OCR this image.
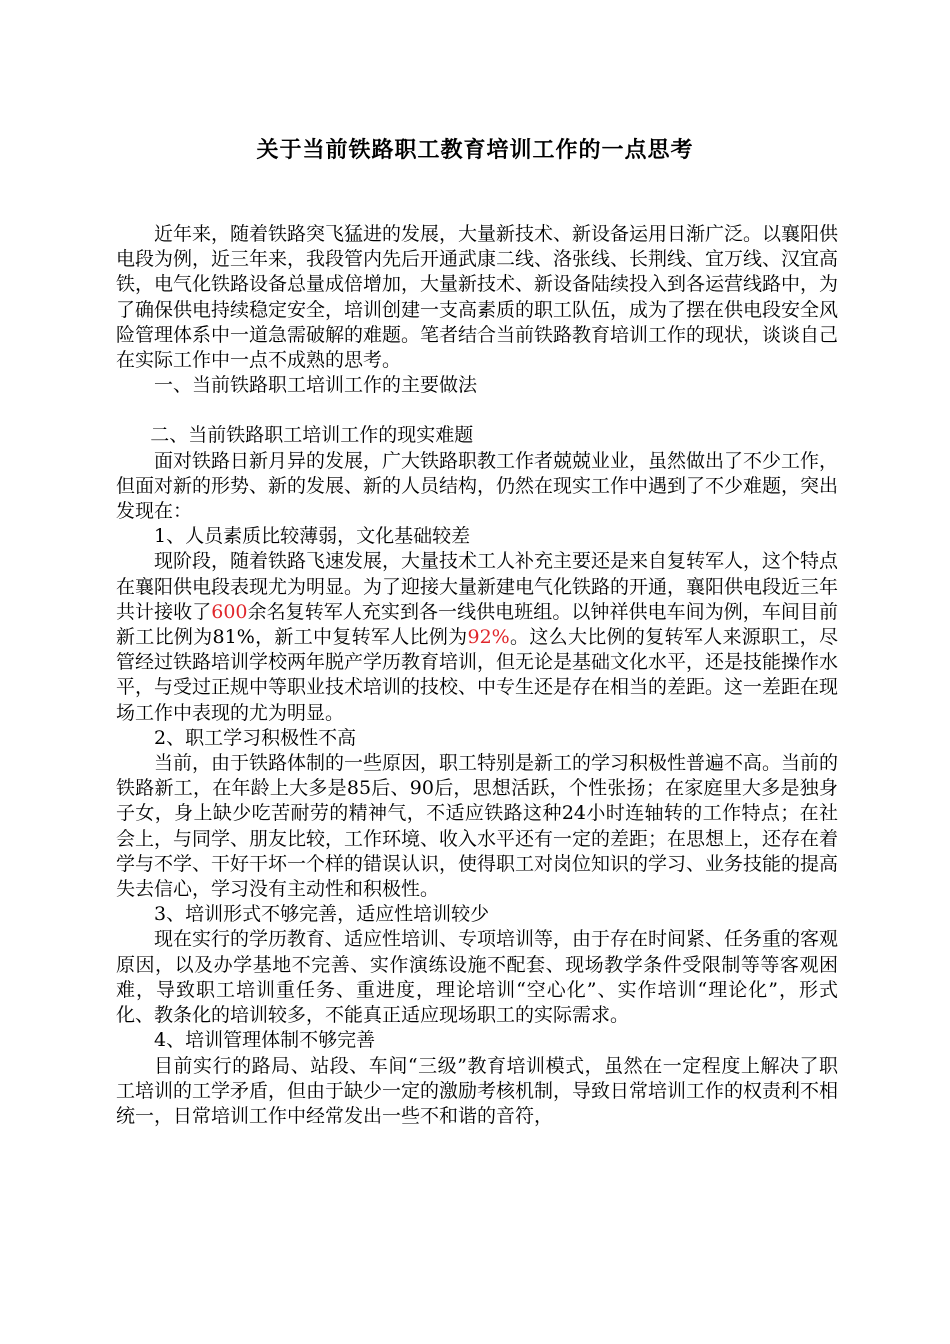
关于当前铁路职工教育培训工作的一点思考

近年来，随着铁路突飞猛进的发展，大量新技术、新设备运用日渐广泛。以襄阳供电段为例，近三年来，我段管内先后开通武康二线、洛张线、长荆线、宜万线、汉宜高铁，电气化铁路设备总量成倍增加，大量新技术、新设备陆续投入到各运营线路中，为了确保供电持续稳定安全，培训创建一支高素质的职工队伍，成为了摆在供电段安全风险管理体系中一道急需破解的难题。笔者结合当前铁路教育培训工作的现状，谈谈自己在实际工作中一点不成熟的思考。

一、当前铁路职工培训工作的主要做法

二、当前铁路职工培训工作的现实难题

面对铁路日新月异的发展，广大铁路职教工作者兢兢业业，虽然做出了不少工作，但面对新的形势、新的发展、新的人员结构，仍然在现实工作中遇到了不少难题，突出发现在：

1、人员素质比较薄弱，文化基础较差

现阶段，随着铁路飞速发展，大量技术工人补充主要还是来自复转军人，这个特点在襄阳供电段表现尤为明显。为了迎接大量新建电气化铁路的开通，襄阳供电段近三年共计接收了600余名复转军人充实到各一线供电班组。以钟祥供电车间为例，车间目前新工比例为81%，新工中复转军人比例为92%。这么大比例的复转军人来源职工，尽管经过铁路培训学校两年脱产学历教育培训，但无论是基础文化水平，还是技能操作水平，与受过正规中等职业技术培训的技校、中专生还是存在相当的差距。这一差距在现场工作中表现的尤为明显。

2、职工学习积极性不高

当前，由于铁路体制的一些原因，职工特别是新工的学习积极性普遍不高。当前的铁路新工，在年龄上大多是85后、90后，思想活跃，个性张扬；在家庭里大多是独身子女，身上缺少吃苦耐劳的精神气，不适应铁路这种24小时连轴转的工作特点；在社会上，与同学、朋友比较，工作环境、收入水平还有一定的差距；在思想上，还存在着学与不学、干好干坏一个样的错误认识，使得职工对岗位知识的学习、业务技能的提高失去信心，学习没有主动性和积极性。

3、培训形式不够完善，适应性培训较少

现在实行的学历教育、适应性培训、专项培训等，由于存在时间紧、任务重的客观原因，以及办学基地不完善、实作演练设施不配套、现场教学条件受限制等等客观困难，导致职工培训重任务、重进度，理论培训“空心化”、实作培训“理论化”，形式化、教条化的培训较多，不能真正适应现场职工的实际需求。

4、培训管理体制不够完善

目前实行的路局、站段、车间“三级”教育培训模式，虽然在一定程度上解决了职工培训的工学矛盾，但由于缺少一定的激励考核机制，导致日常培训工作的权责利不相统一，日常培训工作中经常发出一些不和谐的音符，
